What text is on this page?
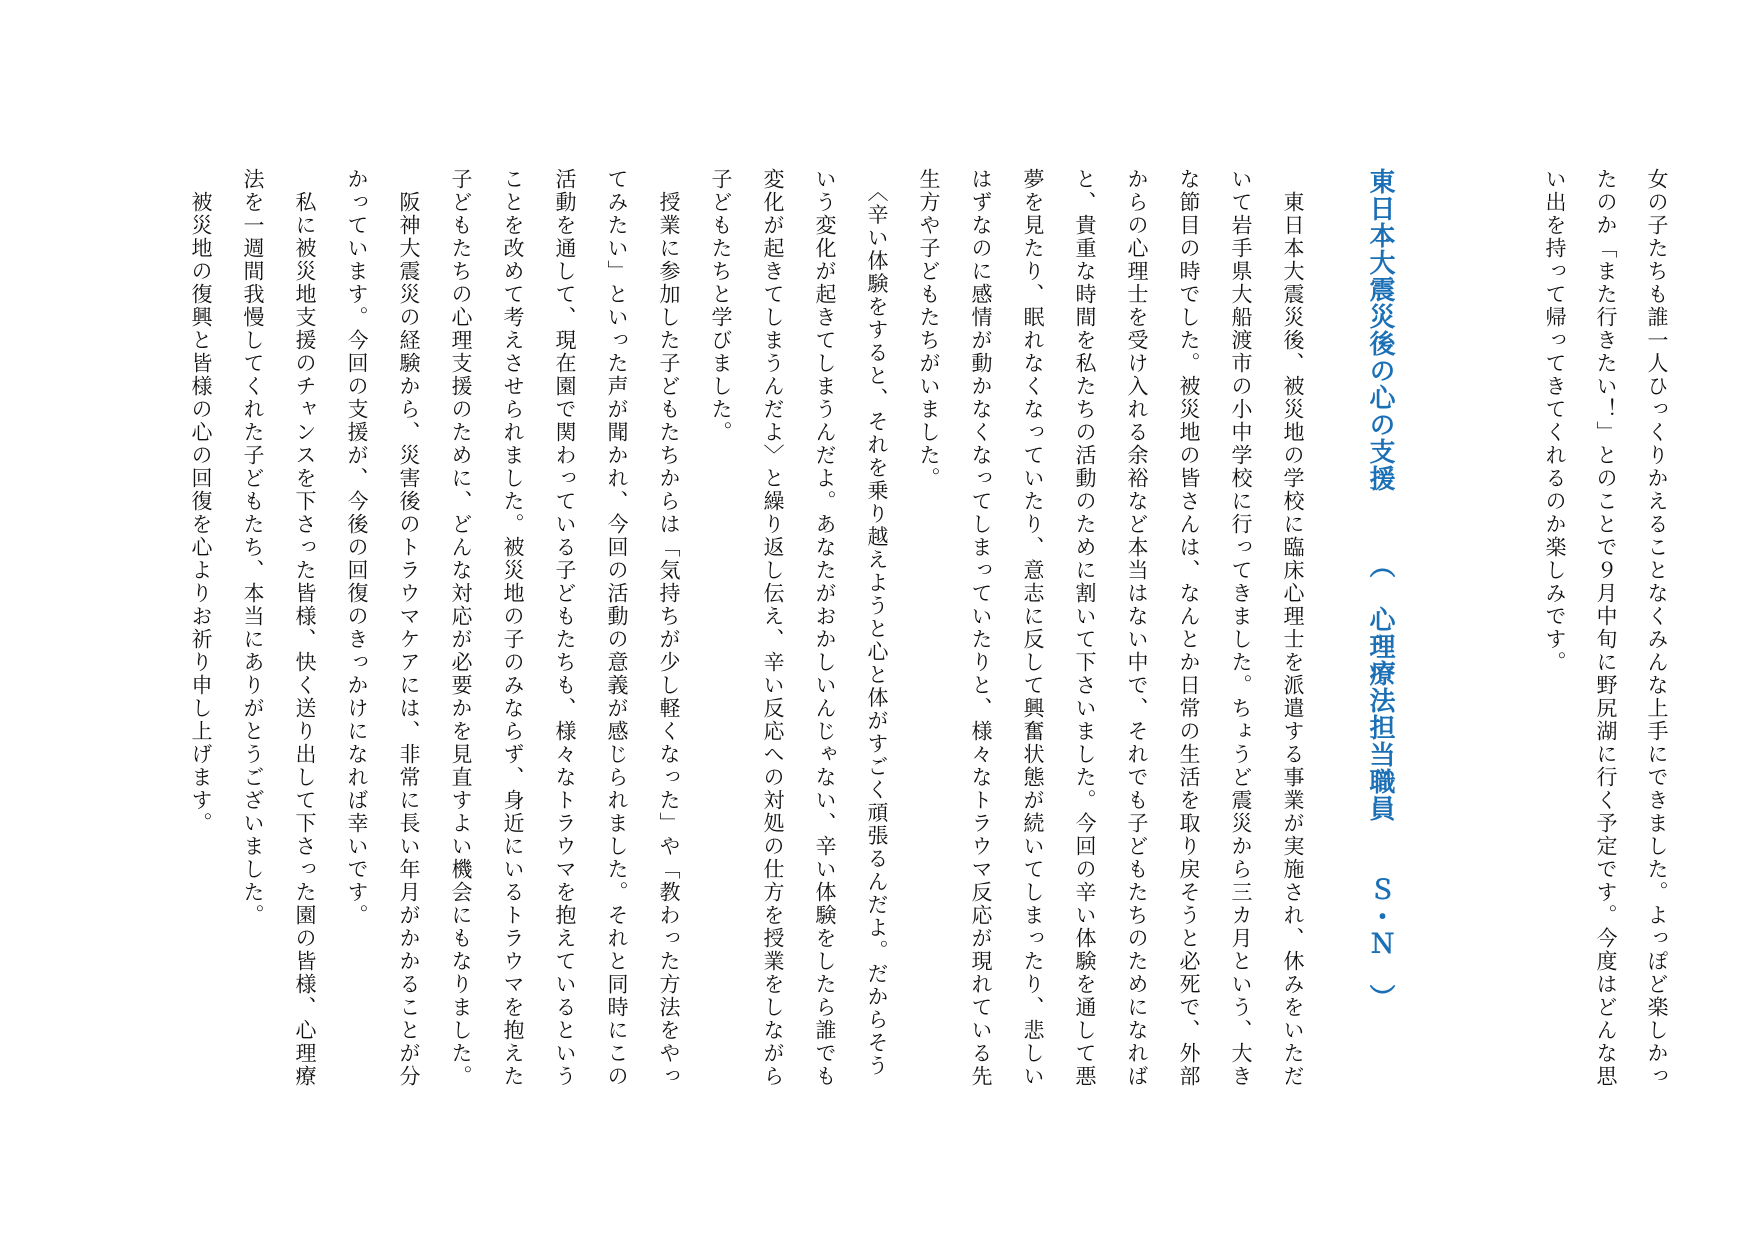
女の子たちも誰一人ひっくりかえることなくみんな上手にできました。よっぽど楽しかっ
たのか「また行きたい！」とのことで９月中旬に野尻湖に行く予定です。今度はどんな思
い出を持って帰ってきてくれるのか楽しみです。
東日本大震災後の心の支援（　心理療法担当職員　　Ｓ・Ｎ　）
　東日本大震災後、被災地の学校に臨床心理士を派遣する事業が実施され、休みをいただ
いて岩手県大船渡市の小中学校に行ってきました。ちょうど震災から三カ月という、大き
な節目の時でした。被災地の皆さんは、なんとか日常の生活を取り戻そうと必死で、外部
からの心理士を受け入れる余裕など本当はない中で、それでも子どもたちのためになれば
と、貴重な時間を私たちの活動のために割いて下さいました。今回の辛い体験を通して悪
夢を見たり、眠れなくなっていたり、意志に反して興奮状態が続いてしまったり、悲しい
はずなのに感情が動かなくなってしまっていたりと、様々なトラウマ反応が現れている先
生方や子どもたちがいました。
　〈辛い体験をすると、それを乗り越えようと心と体がすごく頑張るんだよ。だからそう
いう変化が起きてしまうんだよ。あなたがおかしいんじゃない、辛い体験をしたら誰でも
変化が起きてしまうんだよ〉と繰り返し伝え、辛い反応への対処の仕方を授業をしながら
子どもたちと学びました。
　授業に参加した子どもたちからは「気持ちが少し軽くなった」や「教わった方法をやっ
てみたい」といった声が聞かれ、今回の活動の意義が感じられました。それと同時にこの
活動を通して、現在園で関わっている子どもたちも、様々なトラウマを抱えているという
ことを改めて考えさせられました。被災地の子のみならず、身近にいるトラウマを抱えた
子どもたちの心理支援のために、どんな対応が必要かを見直すよい機会にもなりました。
　阪神大震災の経験から、災害後のトラウマケアには、非常に長い年月がかかることが分
かっています。今回の支援が、今後の回復のきっかけになれば幸いです。
　私に被災地支援のチャンスを下さった皆様、快く送り出して下さった園の皆様、心理療
法を一週間我慢してくれた子どもたち、本当にありがとうございました。
　被災地の復興と皆様の心の回復を心よりお祈り申し上げます。
